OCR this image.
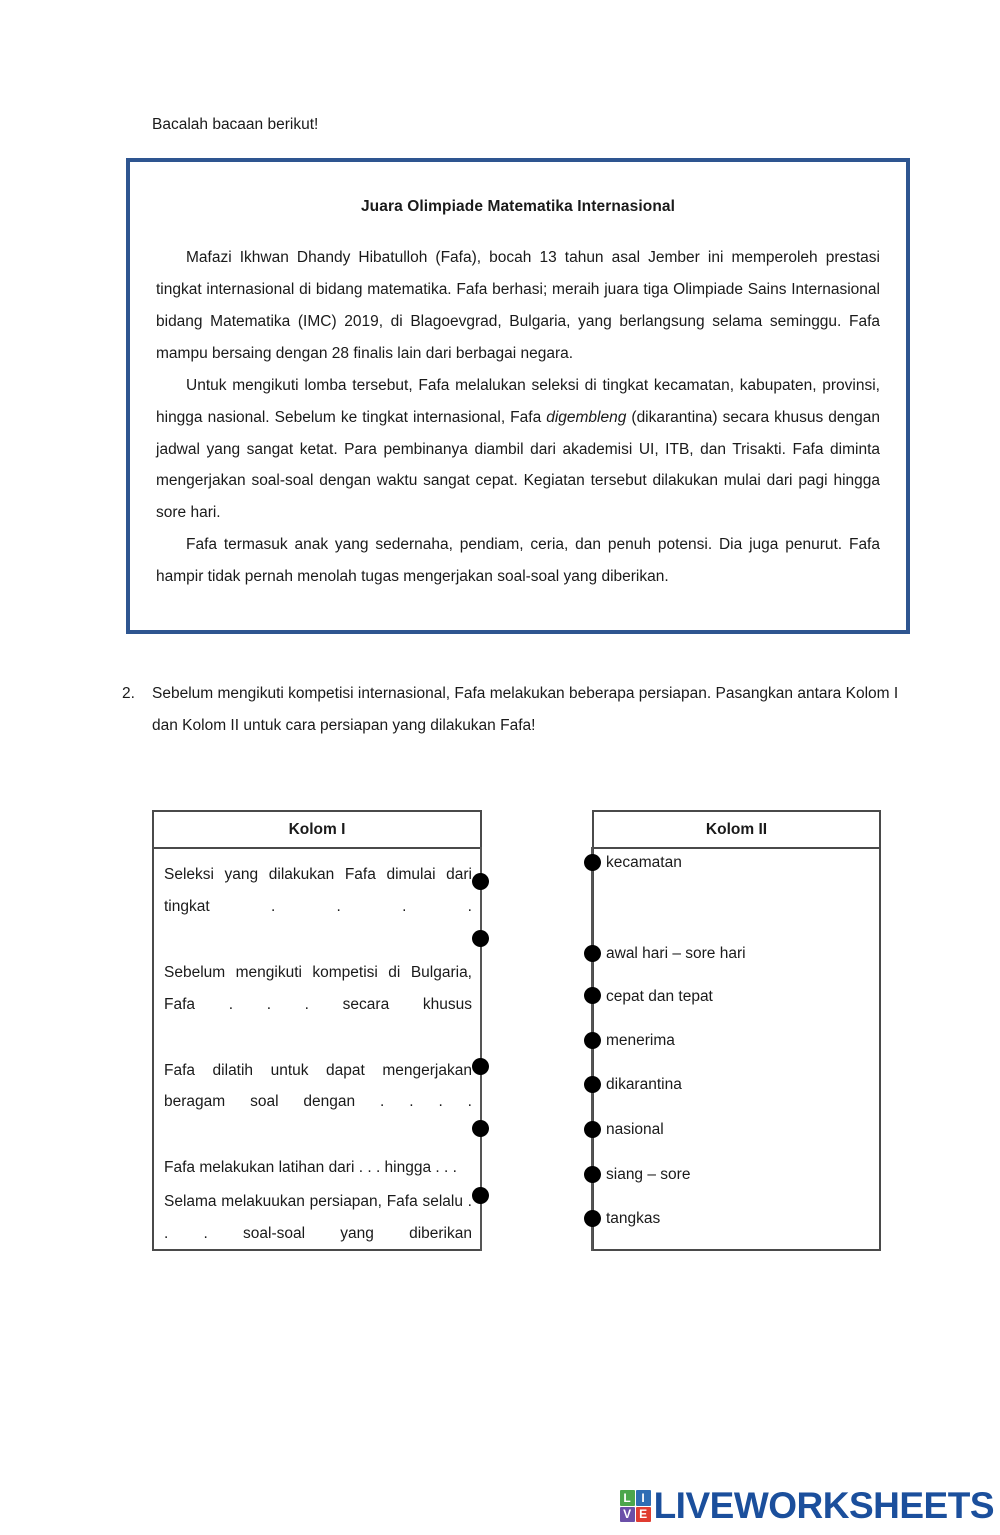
Bacalah bacaan berikut!
Juara Olimpiade Matematika Internasional

Mafazi Ikhwan Dhandy Hibatulloh (Fafa), bocah 13 tahun asal Jember ini memperoleh prestasi tingkat internasional di bidang matematika. Fafa berhasi; meraih juara tiga Olimpiade Sains Internasional bidang Matematika (IMC) 2019, di Blagoevgrad, Bulgaria, yang berlangsung selama seminggu. Fafa mampu bersaing dengan 28 finalis lain dari berbagai negara.

Untuk mengikuti lomba tersebut, Fafa melalukan seleksi di tingkat kecamatan, kabupaten, provinsi, hingga nasional. Sebelum ke tingkat internasional, Fafa digembleng (dikarantina) secara khusus dengan jadwal yang sangat ketat. Para pembinanya diambil dari akademisi UI, ITB, dan Trisakti. Fafa diminta mengerjakan soal-soal dengan waktu sangat cepat. Kegiatan tersebut dilakukan mulai dari pagi hingga sore hari.

Fafa termasuk anak yang sedernaha, pendiam, ceria, dan penuh potensi. Dia juga penurut. Fafa hampir tidak pernah menolah tugas mengerjakan soal-soal yang diberikan.

2.	Sebelum mengikuti kompetisi internasional, Fafa melakukan beberapa persiapan. Pasangkan antara Kolom I dan Kolom II untuk cara persiapan yang dilakukan Fafa!
Kolom I

Seleksi yang dilakukan Fafa dimulai dari tingkat . . . .

Sebelum mengikuti kompetisi di Bulgaria, Fafa . . . secara khusus

Fafa dilatih untuk dapat mengerjakan beragam soal dengan . . . .

Fafa melakukan latihan dari . . . hingga . . .

Selama melakuukan persiapan, Fafa selalu . . . soal-soal yang diberikan

Kolom II
kecamatan
awal hari – sore hari
cepat dan tepat
menerima
dikarantina
nasional
siang – sore
tangkas
L I
V E LIVEWORKSHEETS
